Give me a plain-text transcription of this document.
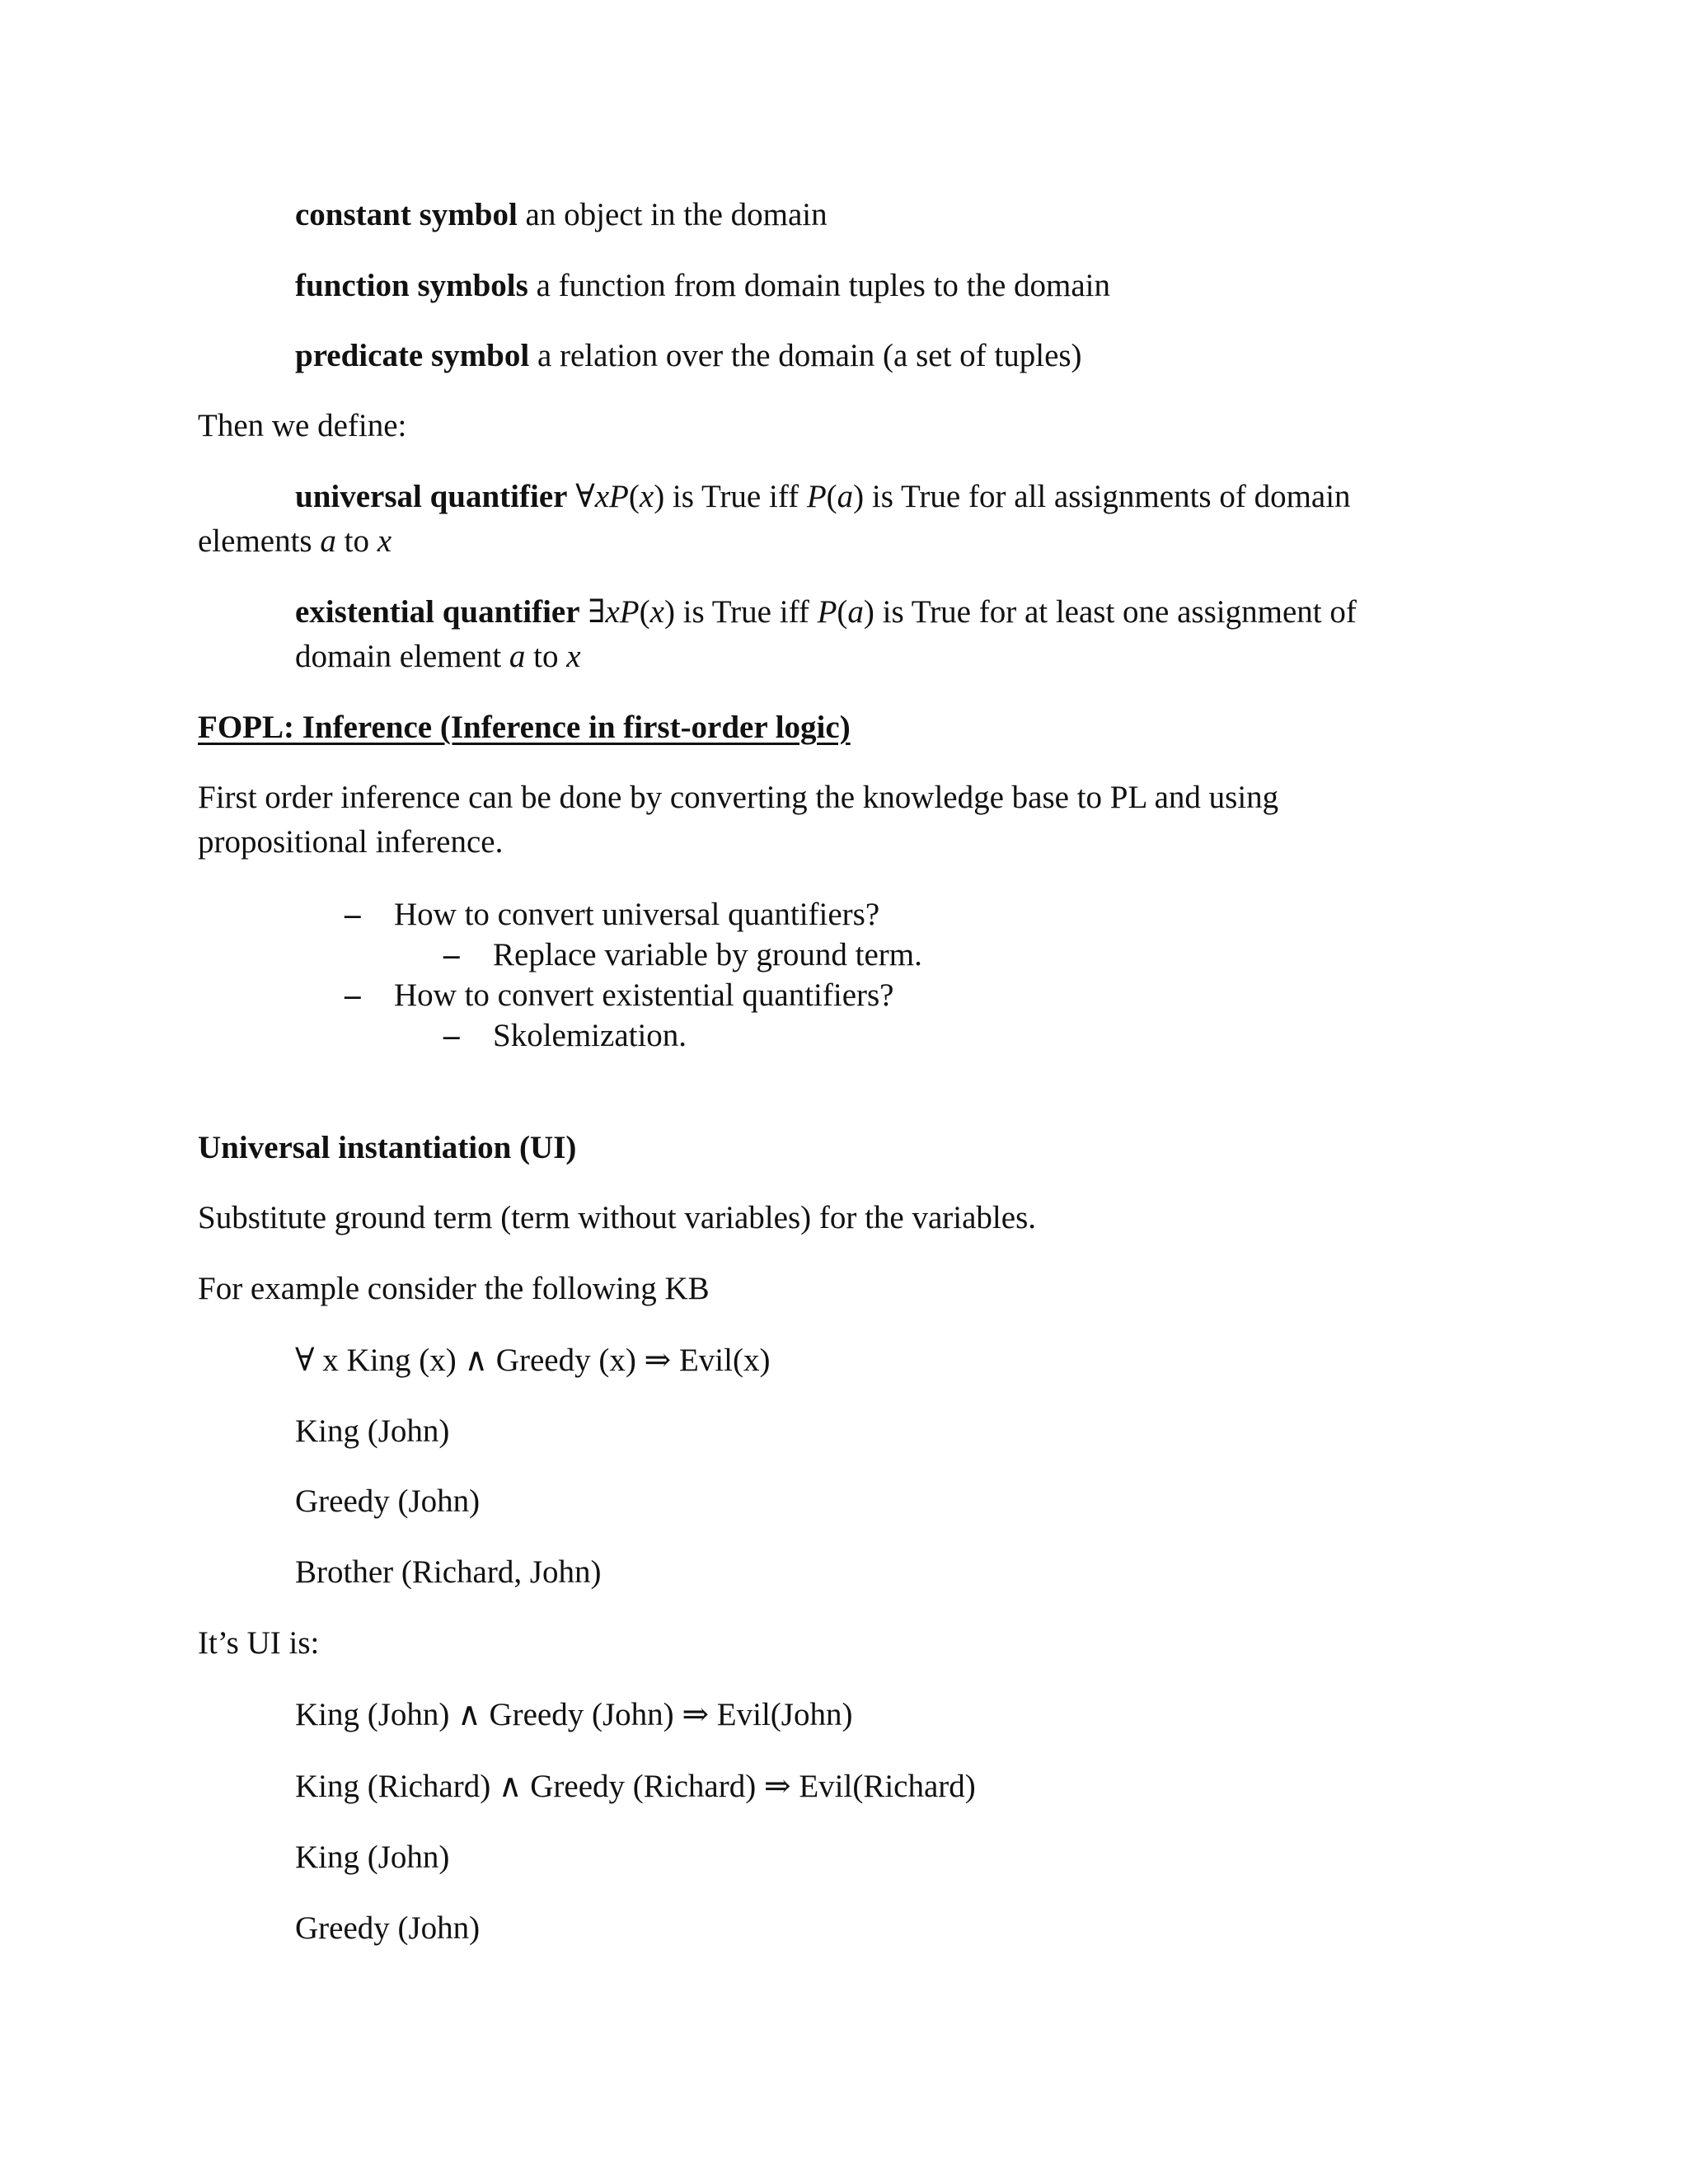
constant symbol an object in the domain

function symbols a function from domain tuples to the domain

predicate symbol a relation over the domain (a set of tuples)

Then we define:

universal quantifier ∀xP(x) is True iff P(a) is True for all assignments of domain

elements a to x

existential quantifier ∃xP(x) is True iff P(a) is True for at least one assignment of

domain element a to x

FOPL: Inference (Inference in first-order logic)

First order inference can be done by converting the knowledge base to PL and using

propositional inference.

– How to convert universal quantifiers?
– Replace variable by ground term.
– How to convert existential quantifiers?
– Skolemization.

Universal instantiation (UI)

Substitute ground term (term without variables) for the variables.

For example consider the following KB

∀ x King (x) ∧ Greedy (x) ⇒ Evil(x)

King (John)

Greedy (John)

Brother (Richard, John)

It’s UI is:

King (John) ∧ Greedy (John) ⇒ Evil(John)

King (Richard) ∧ Greedy (Richard) ⇒ Evil(Richard)

King (John)

Greedy (John)
